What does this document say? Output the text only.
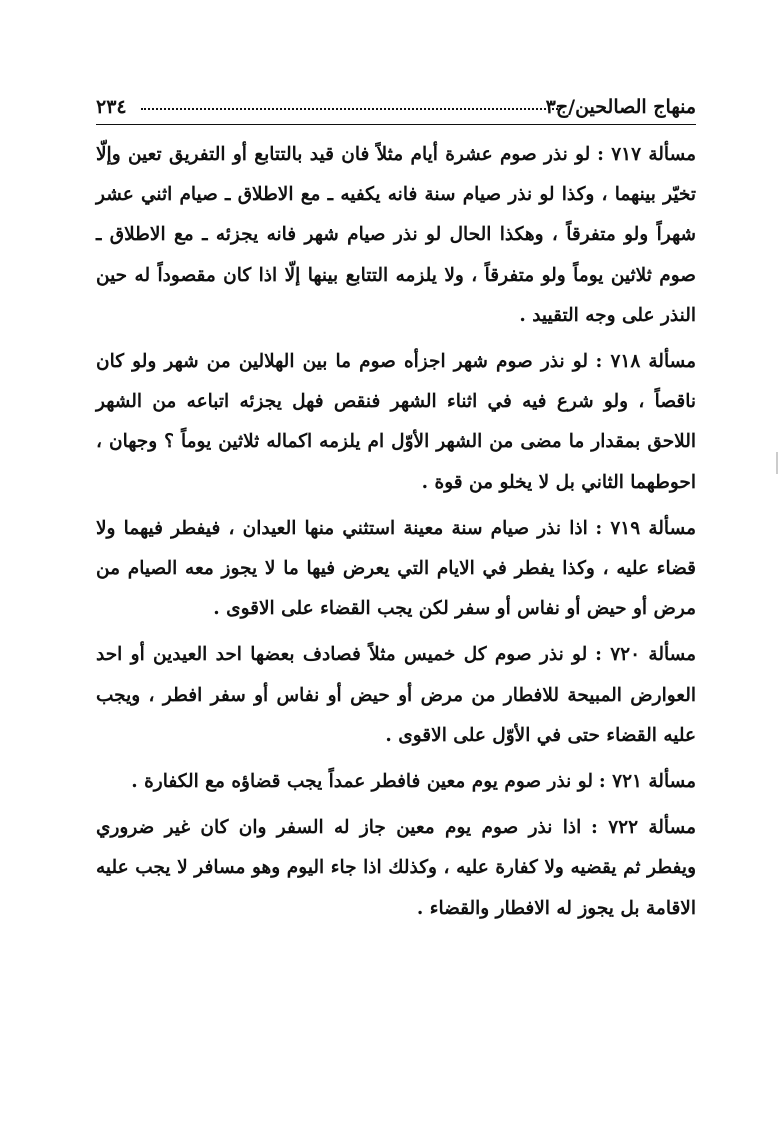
منهاج الصالحين/ج٣
٢٣٤

مسألة ٧١٧ : لو نذر صوم عشرة أيام مثلاً فان قيد بالتتابع أو التفريق تعين وإلّا تخيّر بينهما ، وكذا لو نذر صيام سنة فانه يكفيه ـ مع الاطلاق ـ صيام اثني عشر شهراً ولو متفرقاً ، وهكذا الحال لو نذر صيام شهر فانه يجزئه ـ مع الاطلاق ـ صوم ثلاثين يوماً ولو متفرقاً ، ولا يلزمه التتابع بينها إلّا اذا كان مقصوداً له حين النذر على وجه التقييد .

مسألة ٧١٨ : لو نذر صوم شهر اجزأه صوم ما بين الهلالين من شهر ولو كان ناقصاً ، ولو شرع فيه في اثناء الشهر فنقص فهل يجزئه اتباعه من الشهر اللاحق بمقدار ما مضى من الشهر الأوّل ام يلزمه اكماله ثلاثين يوماً ؟ وجهان ، احوطهما الثاني بل لا يخلو من قوة .

مسألة ٧١٩ : اذا نذر صيام سنة معينة استثني منها العيدان ، فيفطر فيهما ولا قضاء عليه ، وكذا يفطر في الايام التي يعرض فيها ما لا يجوز معه الصيام من مرض أو حيض أو نفاس أو سفر لكن يجب القضاء على الاقوى .

مسألة ٧٢٠ : لو نذر صوم كل خميس مثلاً فصادف بعضها احد العيدين أو احد العوارض المبيحة للافطار من مرض أو حيض أو نفاس أو سفر افطر ، ويجب عليه القضاء حتى في الأوّل على الاقوى .

مسألة ٧٢١ : لو نذر صوم يوم معين فافطر عمداً يجب قضاؤه مع الكفارة .

مسألة ٧٢٢ : اذا نذر صوم يوم معين جاز له السفر وان كان غير ضروري ويفطر ثم يقضيه ولا كفارة عليه ، وكذلك اذا جاء اليوم وهو مسافر لا يجب عليه الاقامة بل يجوز له الافطار والقضاء .
